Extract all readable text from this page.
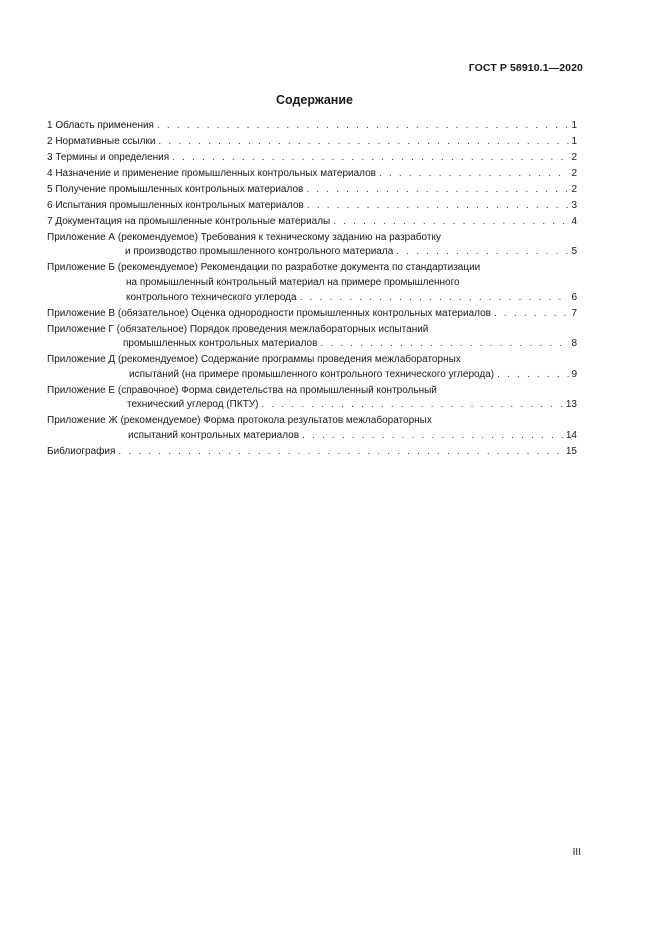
ГОСТ Р 58910.1—2020
Содержание
1 Область применения . . .	1
2 Нормативные ссылки . . .	1
3 Термины и определения . . .	2
4 Назначение и применение промышленных контрольных материалов . . .	2
5 Получение промышленных контрольных материалов . . .	2
6 Испытания промышленных контрольных материалов . . .	3
7 Документация на промышленные контрольные материалы . . .	4
Приложение А (рекомендуемое) Требования к техническому заданию на разработку
и производство промышленного контрольного материала . . .	5
Приложение Б (рекомендуемое) Рекомендации по разработке документа по стандартизации
на промышленный контрольный материал на примере промышленного
контрольного технического углерода . . .	6
Приложение В (обязательное) Оценка однородности промышленных контрольных материалов . . .	7
Приложение Г (обязательное) Порядок проведения межлабораторных испытаний
промышленных контрольных материалов . . .	8
Приложение Д (рекомендуемое) Содержание программы проведения межлабораторных
испытаний (на примере промышленного контрольного технического углерода) . . .	9
Приложение Е (справочное) Форма свидетельства на промышленный контрольный
технический углерод (ПКТУ) . . .	13
Приложение Ж (рекомендуемое) Форма протокола результатов межлабораторных
испытаний контрольных материалов . . .	14
Библиография . . .	15
III
